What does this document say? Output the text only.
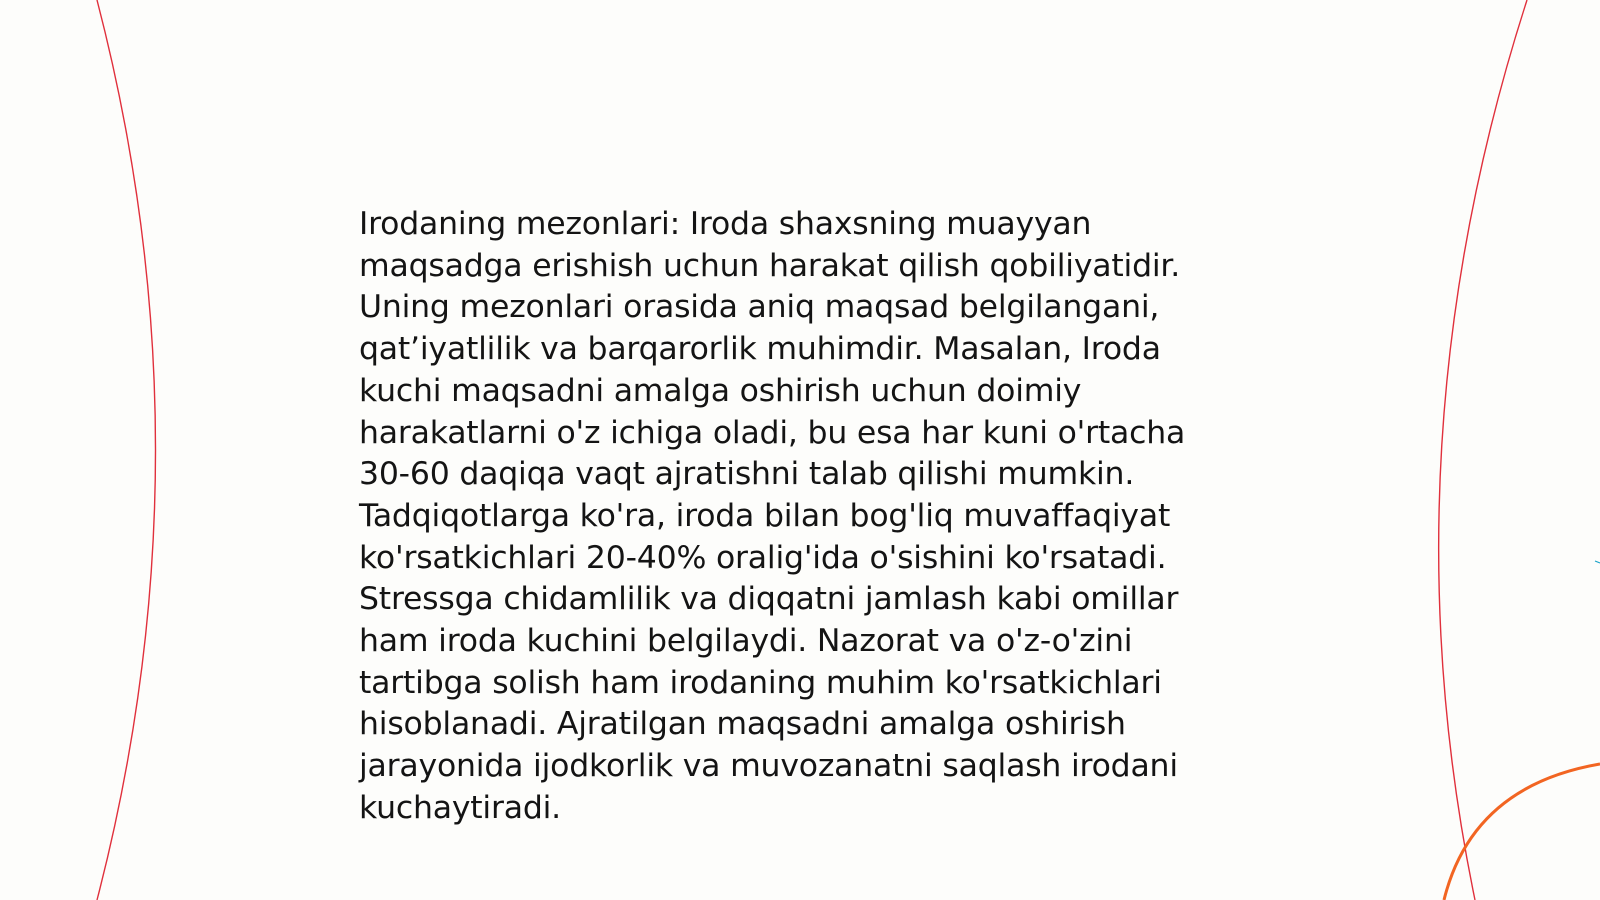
Irodaning mezonlari: Iroda shaxsning muayyan
maqsadga erishish uchun harakat qilish qobiliyatidir.
Uning mezonlari orasida aniq maqsad belgilangani,
qat’iyatlilik va barqarorlik muhimdir. Masalan, Iroda
kuchi maqsadni amalga oshirish uchun doimiy
harakatlarni o'z ichiga oladi, bu esa har kuni o'rtacha
30-60 daqiqa vaqt ajratishni talab qilishi mumkin.
Tadqiqotlarga ko'ra, iroda bilan bog'liq muvaffaqiyat
ko'rsatkichlari 20-40% oralig'ida o'sishini ko'rsatadi.
Stressga chidamlilik va diqqatni jamlash kabi omillar
ham iroda kuchini belgilaydi. Nazorat va o'z-o'zini
tartibga solish ham irodaning muhim ko'rsatkichlari
hisoblanadi. Ajratilgan maqsadni amalga oshirish
jarayonida ijodkorlik va muvozanatni saqlash irodani
kuchaytiradi.
